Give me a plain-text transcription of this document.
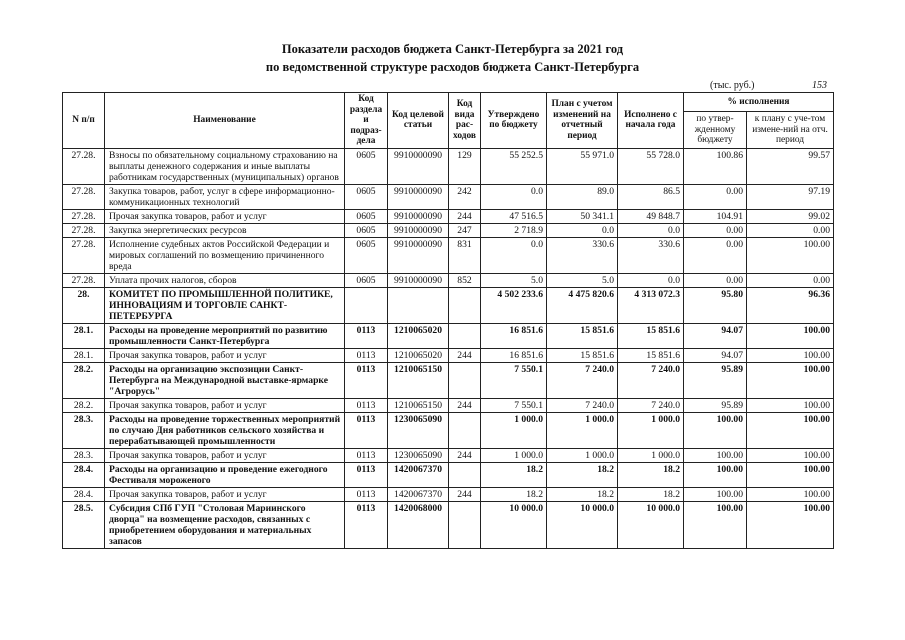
Показатели расходов бюджета Санкт-Петербурга за 2021 год
по ведомственной структуре расходов бюджета Санкт-Петербурга
(тыс. руб.)	153
N п/п	Наименование	Код раздела и подраз-дела	Код целевой статьи	Код вида рас-ходов	Утверждено по бюджету	План с учетом изменений на отчетный период	Исполнено с начала года	% исполнения	
								по утвер-жденному бюджету	к плану с уче-том измене-ний на отч. период
27.28.	Взносы по обязательному социальному страхованию на выплаты денежного содержания и иные выплаты работникам государственных (муниципальных) органов	0605	9910000090	129	55 252.5	55 971.0	55 728.0	100.86	99.57
27.28.	Закупка товаров, работ, услуг в сфере информационно-коммуникационных технологий	0605	9910000090	242	0.0	89.0	86.5	0.00	97.19
27.28.	Прочая закупка товаров, работ и услуг	0605	9910000090	244	47 516.5	50 341.1	49 848.7	104.91	99.02
27.28.	Закупка энергетических ресурсов	0605	9910000090	247	2 718.9	0.0	0.0	0.00	0.00
27.28.	Исполнение судебных актов Российской Федерации и мировых соглашений по возмещению причиненного вреда	0605	9910000090	831	0.0	330.6	330.6	0.00	100.00
27.28.	Уплата прочих налогов, сборов	0605	9910000090	852	5.0	5.0	0.0	0.00	0.00
28.	КОМИТЕТ ПО ПРОМЫШЛЕННОЙ ПОЛИТИКЕ, ИННОВАЦИЯМ И ТОРГОВЛЕ САНКТ-ПЕТЕРБУРГА				4 502 233.6	4 475 820.6	4 313 072.3	95.80	96.36
28.1.	Расходы на проведение мероприятий по развитию промышленности Санкт-Петербурга	0113	1210065020		16 851.6	15 851.6	15 851.6	94.07	100.00
28.1.	Прочая закупка товаров, работ и услуг	0113	1210065020	244	16 851.6	15 851.6	15 851.6	94.07	100.00
28.2.	Расходы на организацию экспозиции Санкт-Петербурга на Международной выставке-ярмарке "Агрорусь"	0113	1210065150		7 550.1	7 240.0	7 240.0	95.89	100.00
28.2.	Прочая закупка товаров, работ и услуг	0113	1210065150	244	7 550.1	7 240.0	7 240.0	95.89	100.00
28.3.	Расходы на проведение торжественных мероприятий по случаю Дня работников сельского хозяйства и перерабатывающей промышленности	0113	1230065090		1 000.0	1 000.0	1 000.0	100.00	100.00
28.3.	Прочая закупка товаров, работ и услуг	0113	1230065090	244	1 000.0	1 000.0	1 000.0	100.00	100.00
28.4.	Расходы на организацию и проведение ежегодного Фестиваля мороженого	0113	1420067370		18.2	18.2	18.2	100.00	100.00
28.4.	Прочая закупка товаров, работ и услуг	0113	1420067370	244	18.2	18.2	18.2	100.00	100.00
28.5.	Субсидия СПб ГУП "Столовая Мариинского дворца" на возмещение расходов, связанных с приобретением оборудования и материальных запасов	0113	1420068000		10 000.0	10 000.0	10 000.0	100.00	100.00
